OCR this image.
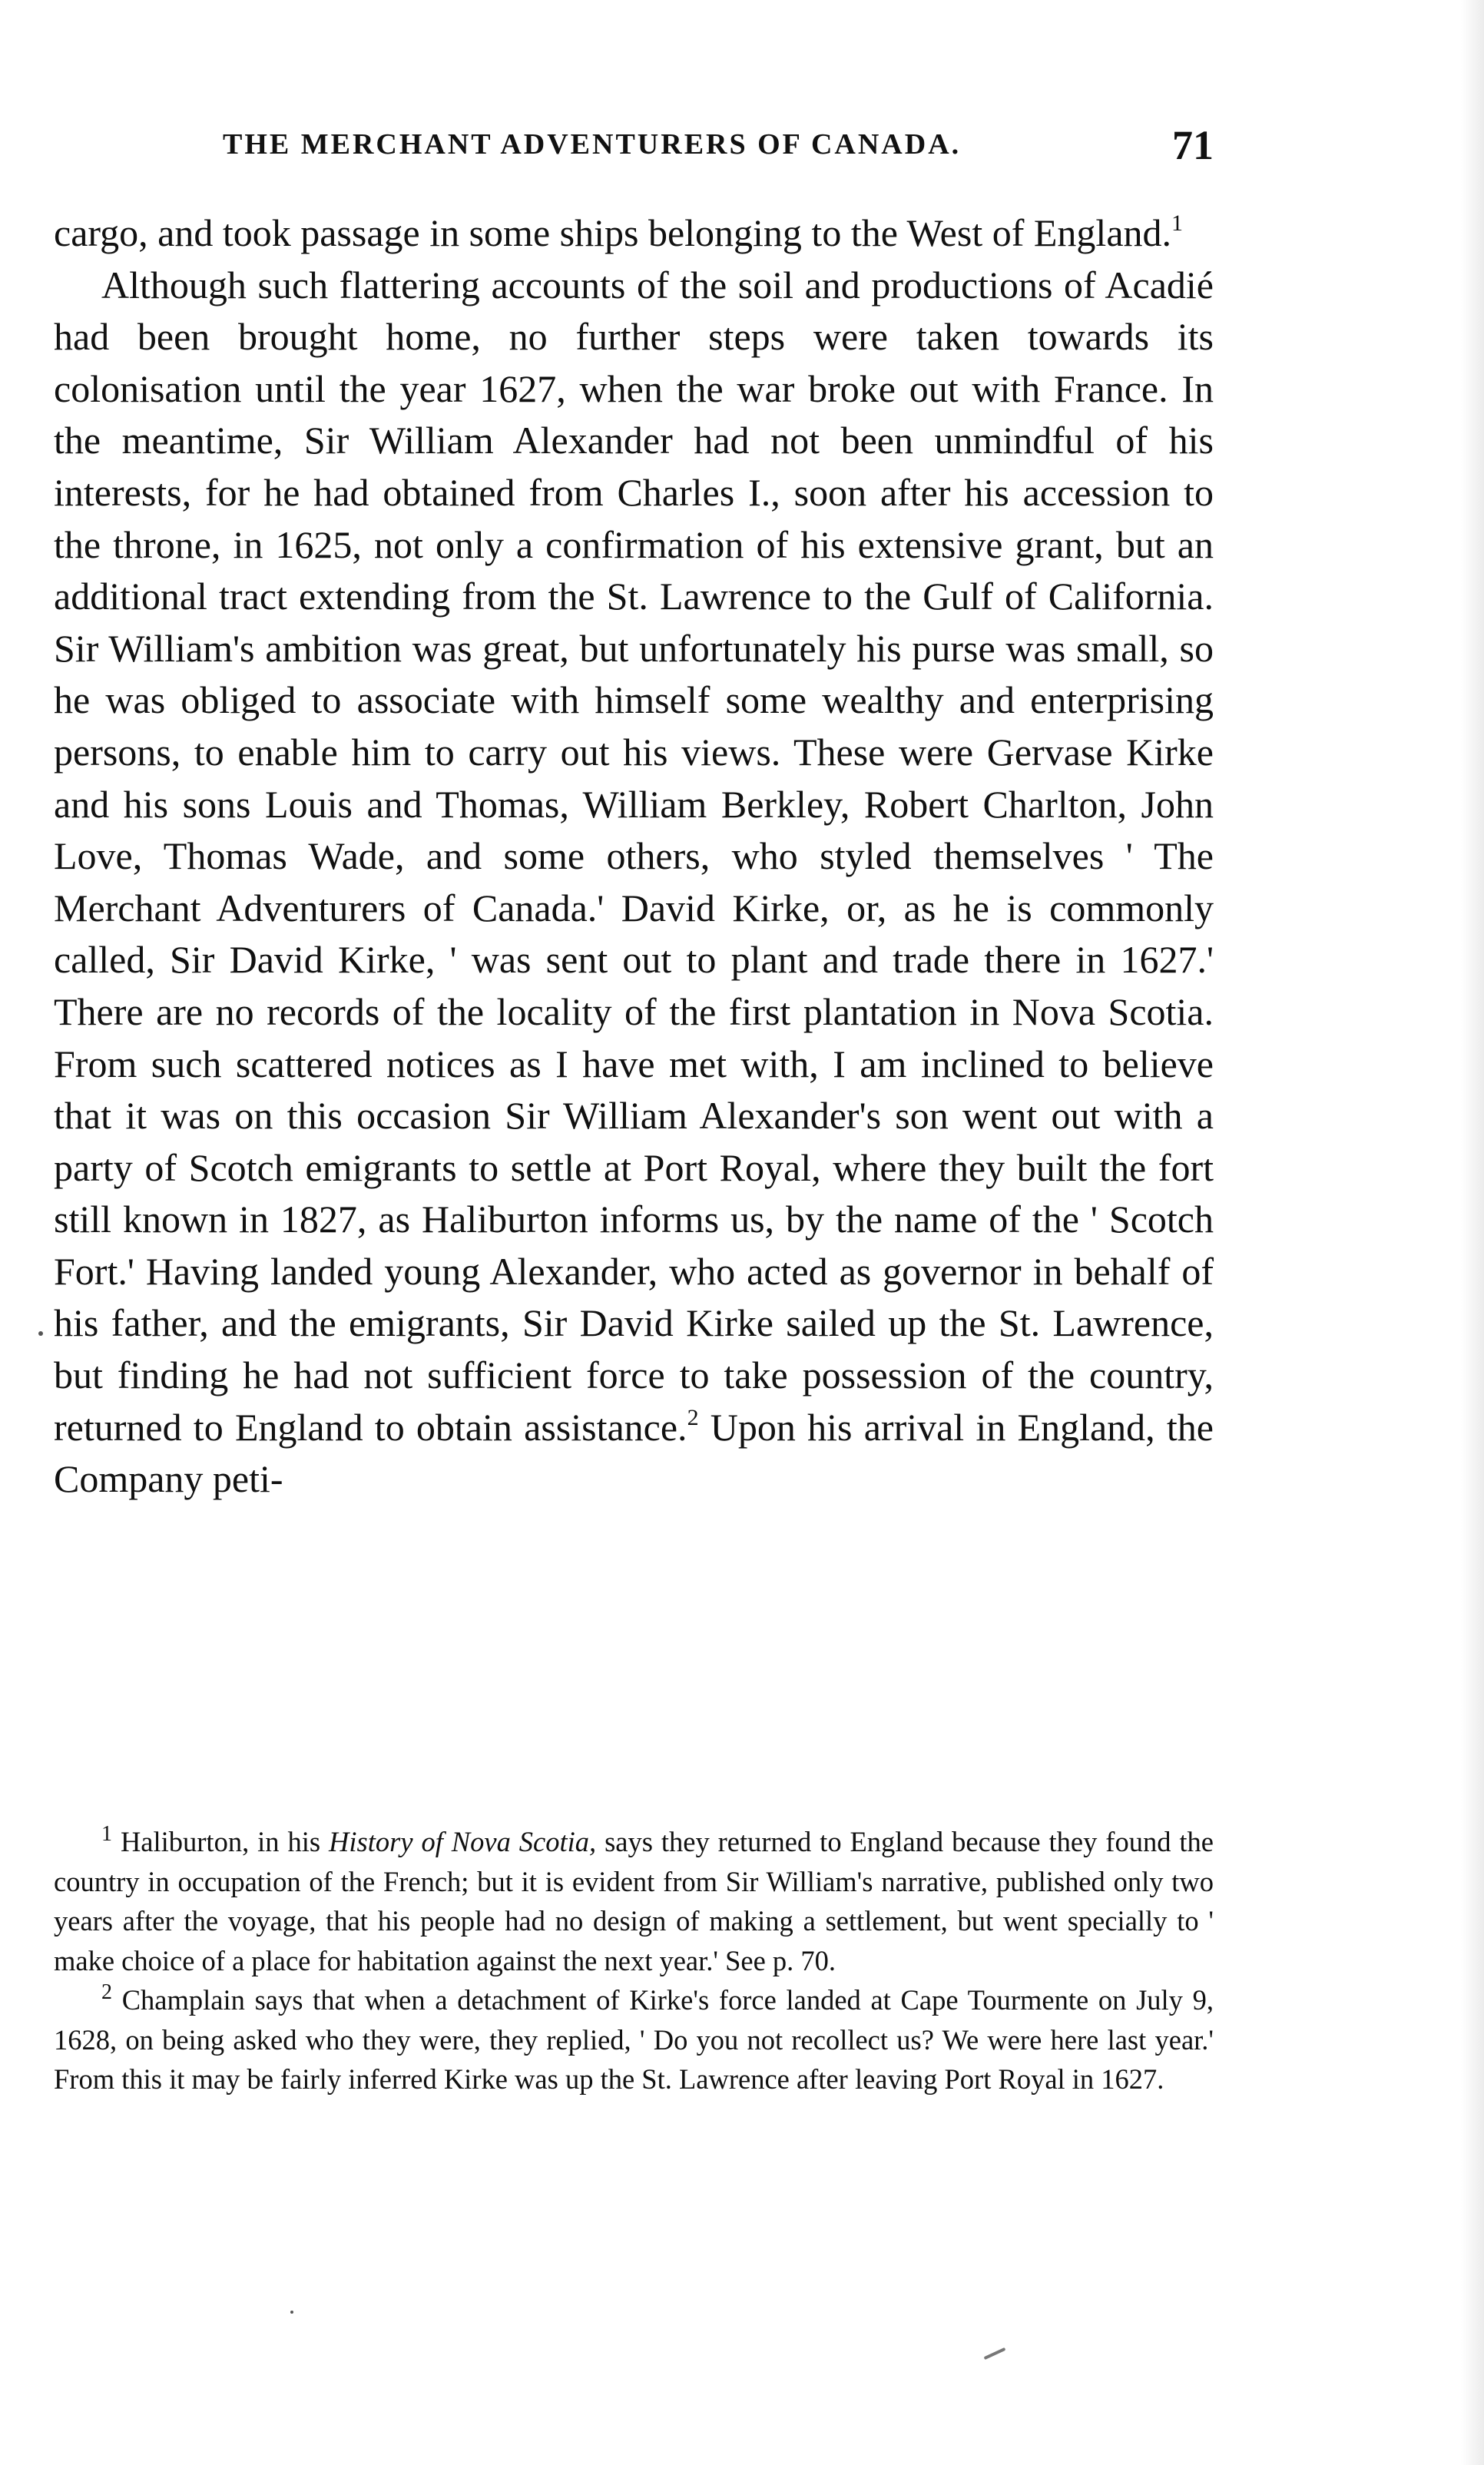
THE MERCHANT ADVENTURERS OF CANADA.	71

cargo, and took passage in some ships belonging to the West of England.$^1$

Although such flattering accounts of the soil and productions of Acadié had been brought home, no further steps were taken towards its colonisation until the year 1627, when the war broke out with France. In the meantime, Sir William Alexander had not been unmindful of his interests, for he had obtained from Charles I., soon after his accession to the throne, in 1625, not only a confirmation of his extensive grant, but an additional tract extending from the St. Lawrence to the Gulf of California. Sir William's ambition was great, but unfortunately his purse was small, so he was obliged to associate with himself some wealthy and enterprising persons, to enable him to carry out his views. These were Gervase Kirke and his sons Louis and Thomas, William Berkley, Robert Charlton, John Love, Thomas Wade, and some others, who styled themselves ' The Merchant Adventurers of Canada.' David Kirke, or, as he is commonly called, Sir David Kirke, ' was sent out to plant and trade there in 1627.' There are no records of the locality of the first plantation in Nova Scotia. From such scattered notices as I have met with, I am inclined to believe that it was on this occasion Sir William Alexander's son went out with a party of Scotch emigrants to settle at Port Royal, where they built the fort still known in 1827, as Haliburton informs us, by the name of the ' Scotch Fort.' Having landed young Alexander, who acted as governor in behalf of his father, and the emigrants, Sir David Kirke sailed up the St. Lawrence, but finding he had not sufficient force to take possession of the country, returned to England to obtain assistance.$^2$ Upon his arrival in England, the Company peti-

$^1$ Haliburton, in his History of Nova Scotia, says they returned to England because they found the country in occupation of the French; but it is evident from Sir William's narrative, published only two years after the voyage, that his people had no design of making a settlement, but went specially to ' make choice of a place for habitation against the next year.' See p. 70.

$^2$ Champlain says that when a detachment of Kirke's force landed at Cape Tourmente on July 9, 1628, on being asked who they were, they replied, ' Do you not recollect us? We were here last year.' From this it may be fairly inferred Kirke was up the St. Lawrence after leaving Port Royal in 1627.
